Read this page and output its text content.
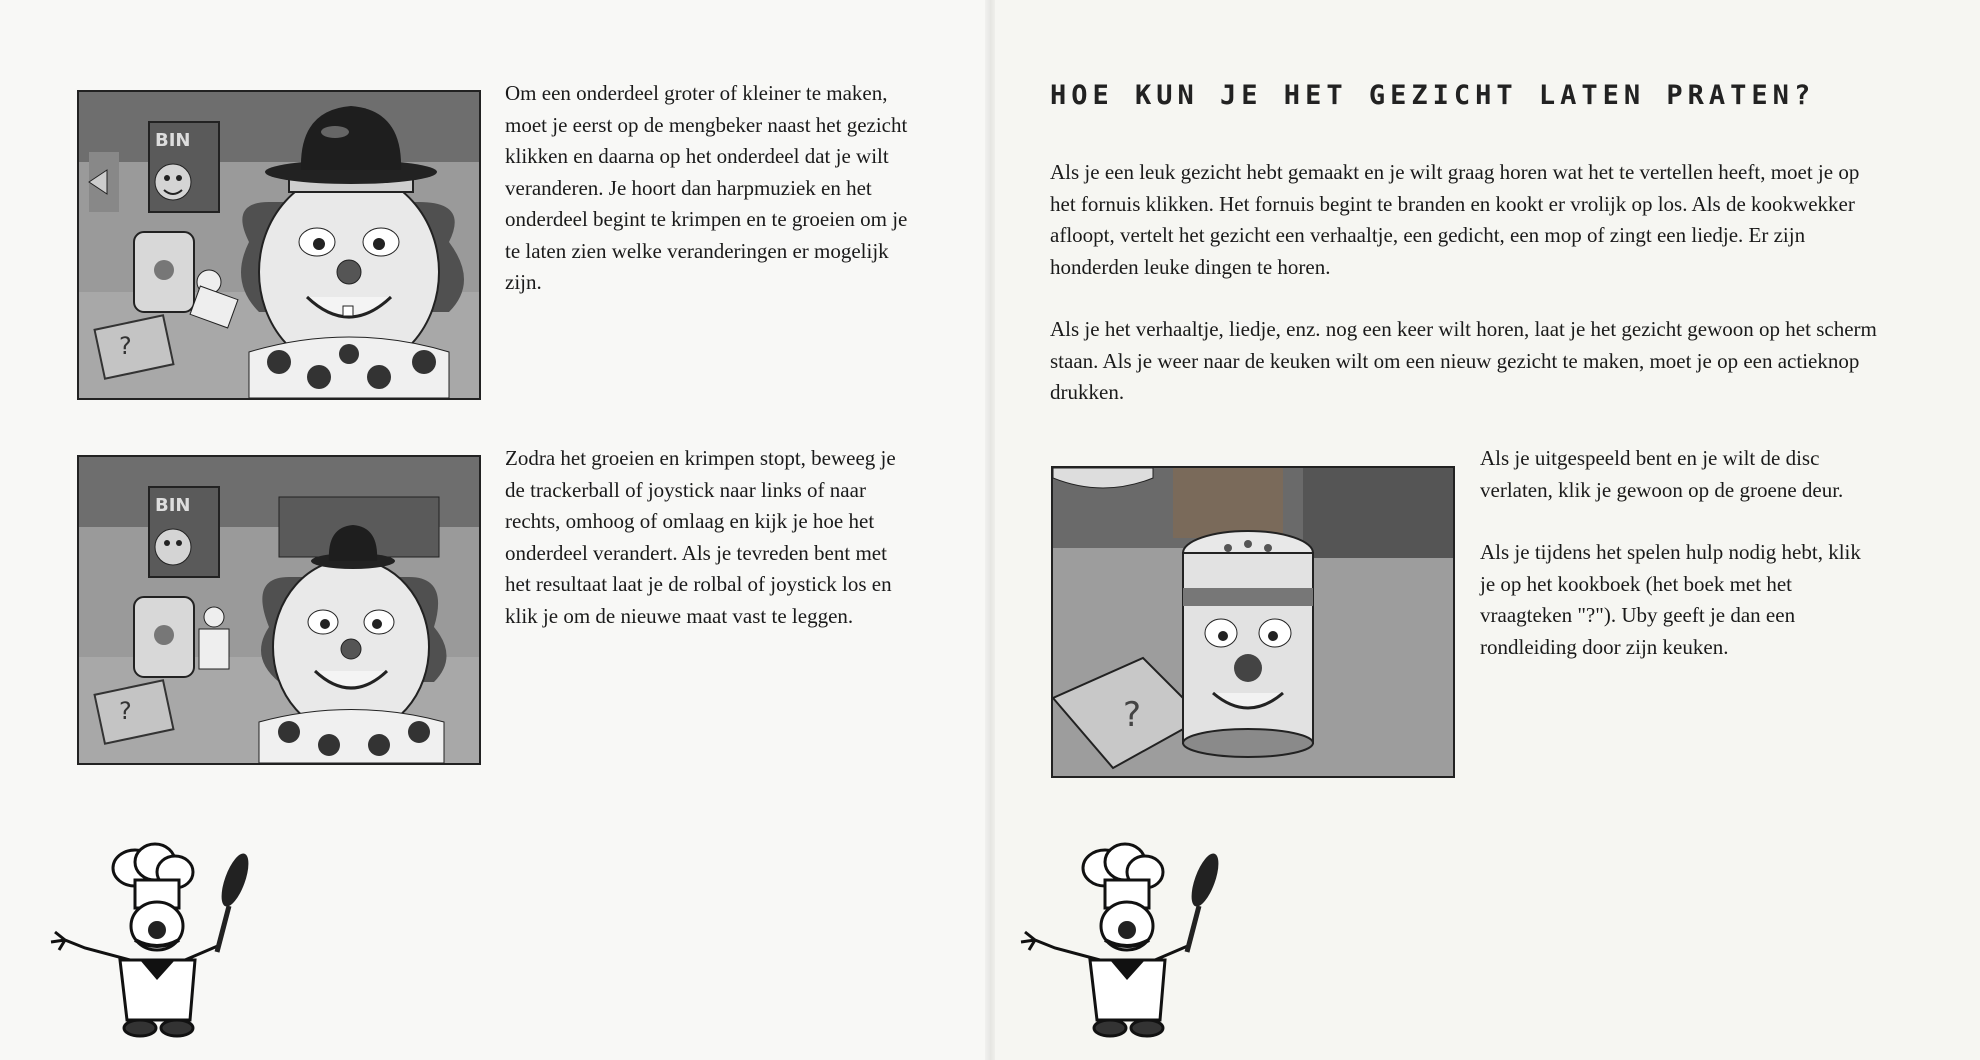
?
BIN

Om een onderdeel groter of kleiner te maken, moet je eerst op de mengbeker naast het gezicht klikken en daarna op het onderdeel dat je wilt veranderen. Je hoort dan harpmuziek en het onderdeel begint te krimpen en te groeien om je te laten zien welke veranderingen er mogelijk zijn.

?
BIN

Zodra het groeien en krimpen stopt, beweeg je de trackerball of joystick naar links of naar rechts, omhoog of omlaag en kijk je hoe het onderdeel verandert. Als je tevreden bent met het resultaat laat je de rolbal of joystick los en klik je om de nieuwe maat vast te leggen.

HOE KUN JE HET GEZICHT LATEN PRATEN?

Als je een leuk gezicht hebt gemaakt en je wilt graag horen wat het te vertellen heeft, moet je op het fornuis klikken. Het fornuis begint te branden en kookt er vrolijk op los. Als de kookwekker afloopt, vertelt het gezicht een verhaaltje, een gedicht, een mop of zingt een liedje. Er zijn honderden leuke dingen te horen.

Als je het verhaaltje, liedje, enz. nog een keer wilt horen, laat je het gezicht gewoon op het scherm staan. Als je weer naar de keuken wilt om een nieuw gezicht te maken, moet je op een actieknop drukken.

?

Als je uitgespeeld bent en je wilt de disc verlaten, klik je gewoon op de groene deur.

Als je tijdens het spelen hulp nodig hebt, klik je op het kookboek (het boek met het vraagteken "?"). Uby geeft je dan een rondleiding door zijn keuken.
